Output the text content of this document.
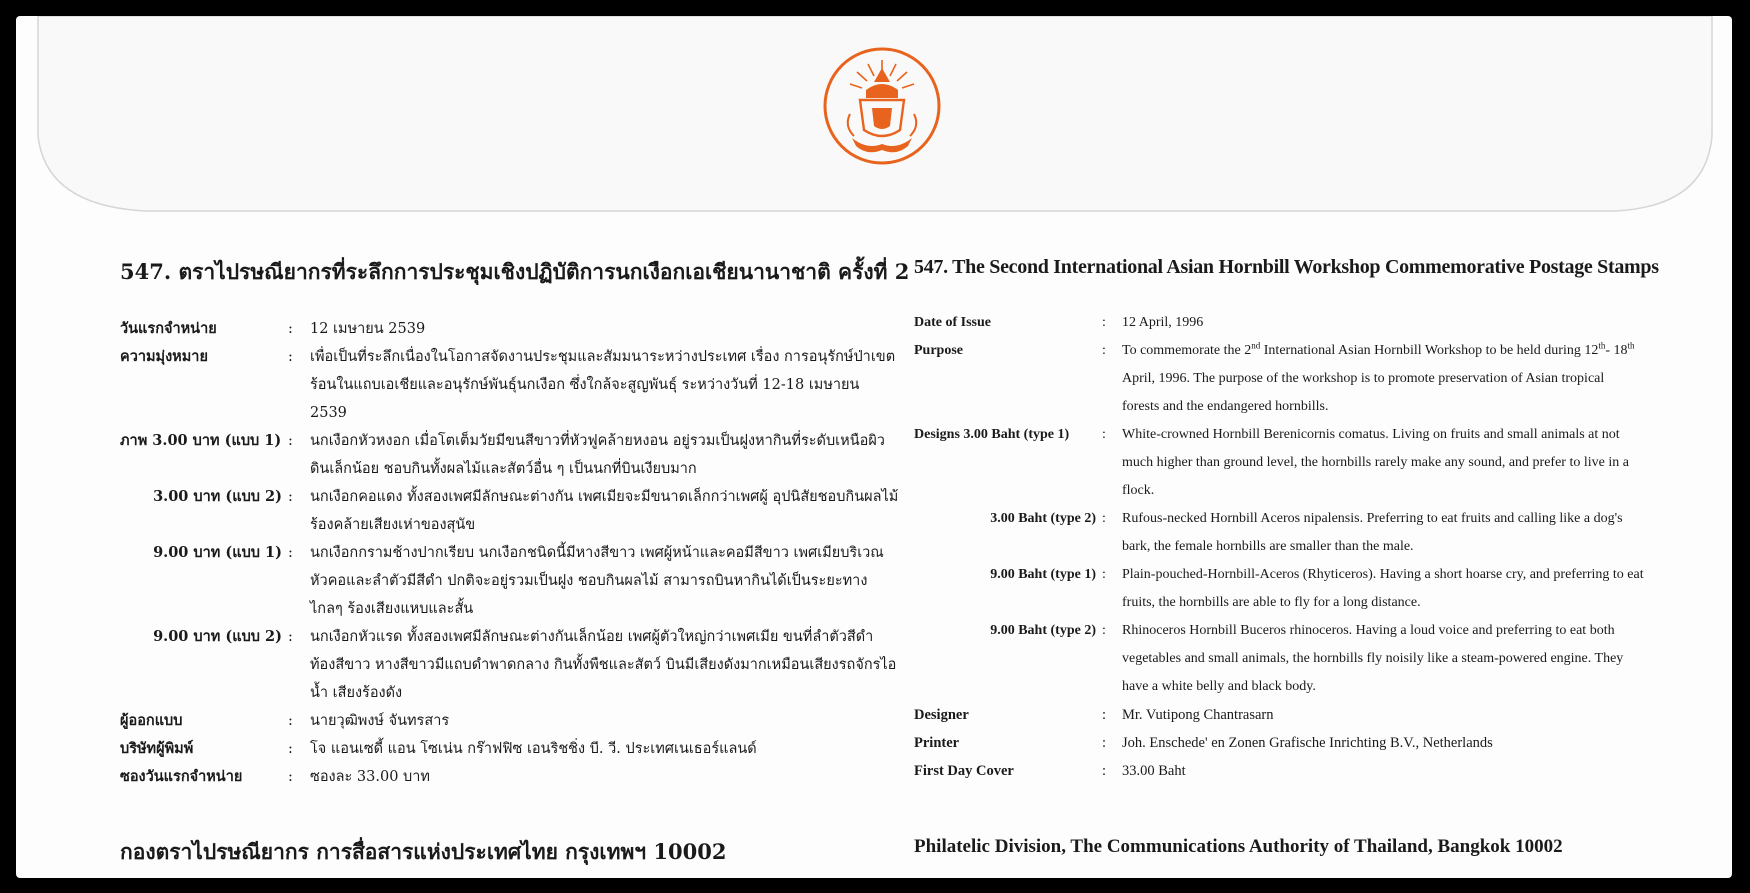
547. ตราไปรษณียากรที่ระลึกการประชุมเชิงปฏิบัติการนกเงือกเอเชียนานาชาติ ครั้งที่ 2
วันแรกจำหน่าย	:	12 เมษายน 2539
ความมุ่งหมาย	:	เพื่อเป็นที่ระลึกเนื่องในโอกาสจัดงานประชุมและสัมมนาระหว่างประเทศ เรื่อง การอนุรักษ์ป่าเขตร้อนในแถบเอเชียและอนุรักษ์พันธุ์นกเงือก ซึ่งใกล้จะสูญพันธุ์ ระหว่างวันที่ 12-18 เมษายน 2539
ภาพ 3.00 บาท (แบบ 1) :	นกเงือกหัวหงอก เมื่อโตเต็มวัยมีขนสีขาวที่หัวฟูคล้ายหงอน อยู่รวมเป็นฝูงหากินที่ระดับเหนือผิวดินเล็กน้อย ชอบกินทั้งผลไม้และสัตว์อื่น ๆ เป็นนกที่บินเงียบมาก
3.00 บาท (แบบ 2) :	นกเงือกคอแดง ทั้งสองเพศมีลักษณะต่างกัน เพศเมียจะมีขนาดเล็กกว่าเพศผู้ อุปนิสัยชอบกินผลไม้ ร้องคล้ายเสียงเห่าของสุนัข
9.00 บาท (แบบ 1) :	นกเงือกกรามช้างปากเรียบ นกเงือกชนิดนี้มีหางสีขาว เพศผู้หน้าและคอมีสีขาว เพศเมียบริเวณหัวคอและลำตัวมีสีดำ ปกติจะอยู่รวมเป็นฝูง ชอบกินผลไม้ สามารถบินหากินได้เป็นระยะทางไกลๆ ร้องเสียงแหบและสั้น
9.00 บาท (แบบ 2) :	นกเงือกหัวแรด ทั้งสองเพศมีลักษณะต่างกันเล็กน้อย เพศผู้ตัวใหญ่กว่าเพศเมีย ขนที่ลำตัวสีดำ ท้องสีขาว หางสีขาวมีแถบดำพาดกลาง กินทั้งพืชและสัตว์ บินมีเสียงดังมากเหมือนเสียงรถจักรไอน้ำ เสียงร้องดัง
ผู้ออกแบบ	:	นายวุฒิพงษ์ จันทรสาร
บริษัทผู้พิมพ์	:	โจ แอนเซดี้ แอน โซเน่น กร๊าฟฟิซ เอนริชชิ่ง บี. วี. ประเทศเนเธอร์แลนด์
ซองวันแรกจำหน่าย	:	ซองละ 33.00 บาท
547. The Second International Asian Hornbill Workshop Commemorative Postage Stamps
Date of Issue	:	12 April, 1996
Purpose	:	To commemorate the 2nd International Asian Hornbill Workshop to be held during 12th- 18th April, 1996. The purpose of the workshop is to promote preservation of Asian tropical forests and the endangered hornbills.
Designs 3.00 Baht (type 1)	:	White-crowned Hornbill Berenicornis comatus. Living on fruits and small animals at not much higher than ground level, the hornbills rarely make any sound, and prefer to live in a flock.
3.00 Baht (type 2) :	Rufous-necked Hornbill Aceros nipalensis. Preferring to eat fruits and calling like a dog's bark, the female hornbills are smaller than the male.
9.00 Baht (type 1) :	Plain-pouched-Hornbill-Aceros (Rhyticeros). Having a short hoarse cry, and preferring to eat fruits, the hornbills are able to fly for a long distance.
9.00 Baht (type 2) :	Rhinoceros Hornbill Buceros rhinoceros. Having a loud voice and preferring to eat both vegetables and small animals, the hornbills fly noisily like a steam-powered engine. They have a white belly and black body.
Designer	:	Mr. Vutipong Chantrasarn
Printer	:	Joh. Enschede' en Zonen Grafische Inrichting B.V., Netherlands
First Day Cover	:	33.00 Baht
กองตราไปรษณียากร การสื่อสารแห่งประเทศไทย กรุงเทพฯ 10002	Philatelic Division, The Communications Authority of Thailand, Bangkok 10002
